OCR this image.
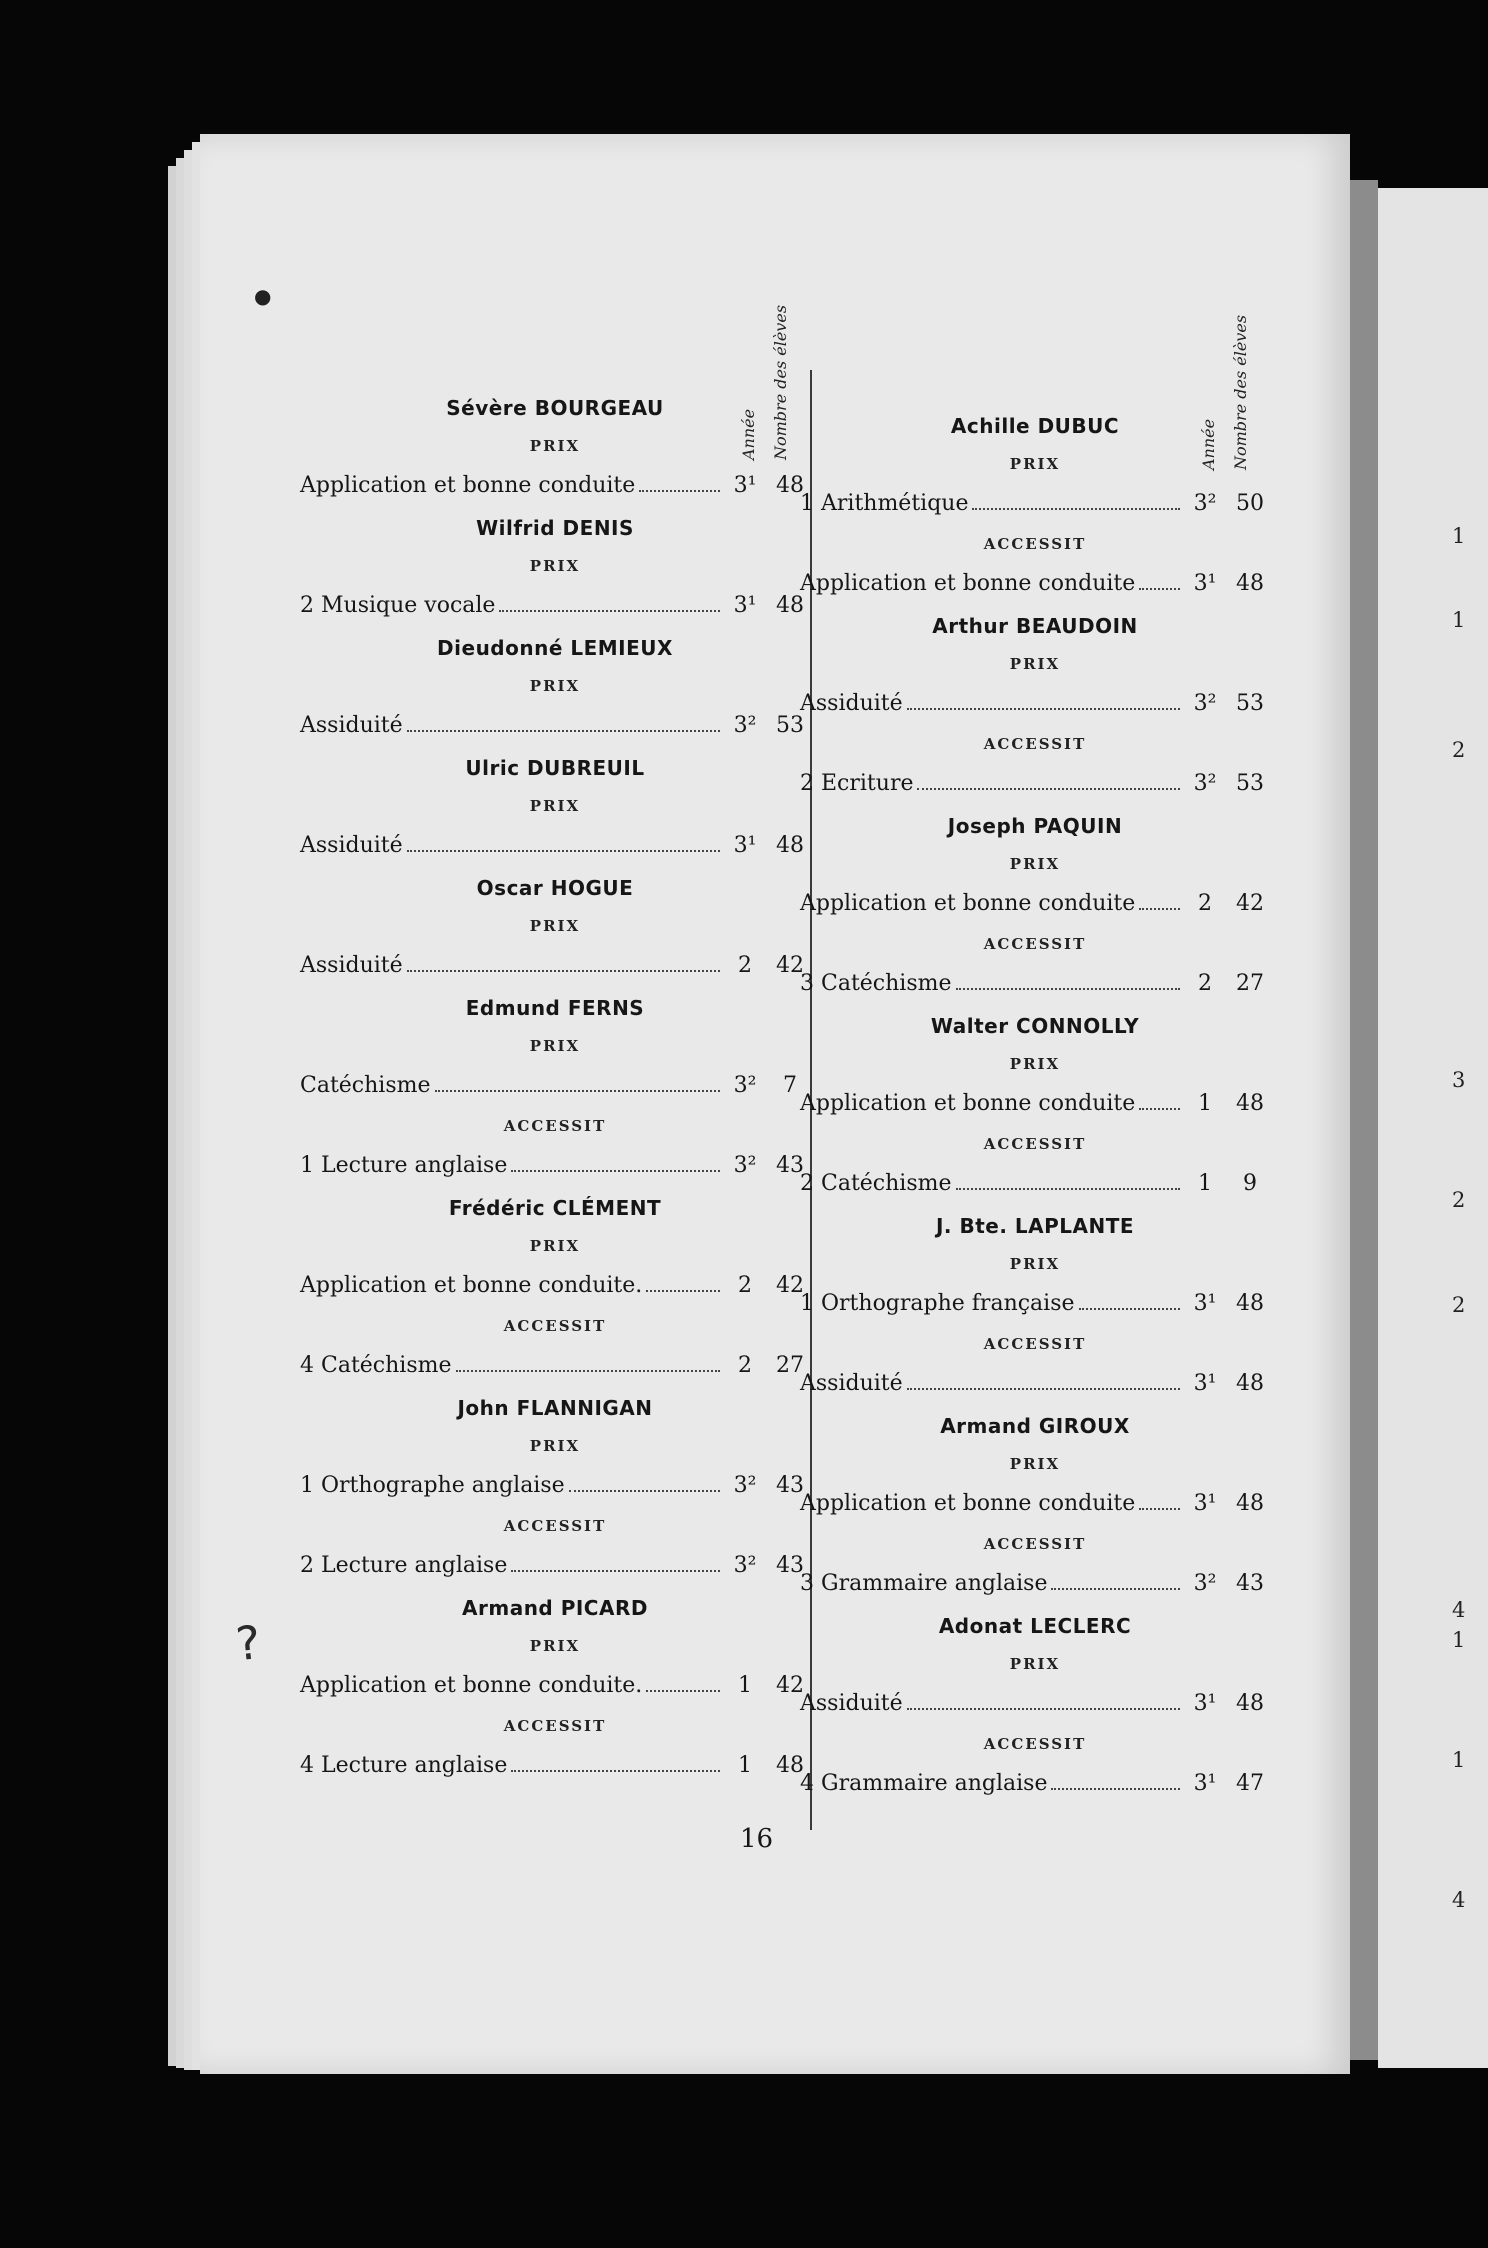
1
1
2
3
2
2
4
1
1
4
●
?
Année Nombre des élèves
Sévère BOURGEAU
PRIX
Application et bonne conduite	3¹ 48
Wilfrid DENIS
PRIX
2 Musique vocale	3¹ 48
Dieudonné LEMIEUX
PRIX
Assiduité	3² 53
Ulric DUBREUIL
PRIX
Assiduité	3¹ 48
Oscar HOGUE
PRIX
Assiduité	2	42
Edmund FERNS
PRIX
Catéchisme	3²	7
ACCESSIT
1 Lecture anglaise	3² 43
Frédéric CLÉMENT
PRIX
Application et bonne conduite.	2	42
ACCESSIT
4 Catéchisme	2	27
John FLANNIGAN
PRIX
1 Orthographe anglaise	3² 43
ACCESSIT
2 Lecture anglaise	3² 43
Armand PICARD
PRIX
Application et bonne conduite.	1	42
ACCESSIT
4 Lecture anglaise	1	48
Année Nombre des élèves
Achille DUBUC
PRIX
1 Arithmétique	3² 50
ACCESSIT
Application et bonne conduite	3¹ 48
Arthur BEAUDOIN
PRIX
Assiduité	3² 53
ACCESSIT
2 Ecriture	3² 53
Joseph PAQUIN
PRIX
Application et bonne conduite	2	42
ACCESSIT
3 Catéchisme	2	27
Walter CONNOLLY
PRIX
Application et bonne conduite	1	48
ACCESSIT
2 Catéchisme	1	9
J. Bte. LAPLANTE
PRIX
1 Orthographe française	3¹ 48
ACCESSIT
Assiduité	3¹ 48
Armand GIROUX
PRIX
Application et bonne conduite	3¹ 48
ACCESSIT
3 Grammaire anglaise	3² 43
Adonat LECLERC
PRIX
Assiduité	3¹ 48
ACCESSIT
4 Grammaire anglaise	3¹ 47
16
